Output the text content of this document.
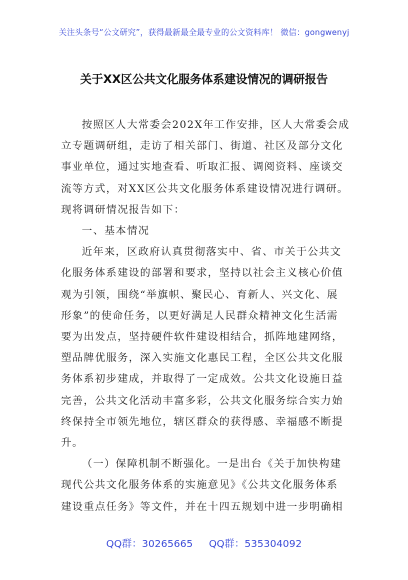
关注头条号“公文研究”，获得最新最全最专业的公文资料库！ 微信：gongwenyj
关于XX区公共文化服务体系建设情况的调研报告

按照区人大常委会202X年工作安排，区人大常委会成
立专题调研组，走访了相关部门、街道、社区及部分文化
事业单位，通过实地查看、听取汇报、调阅资料、座谈交
流等方式，对XX区公共文化服务体系建设情况进行调研。
现将调研情况报告如下：

一、基本情况

近年来，区政府认真贯彻落实中、省、市关于公共文
化服务体系建设的部署和要求，坚持以社会主义核心价值
观为引领，围绕“举旗帜、聚民心、育新人、兴文化、展
形象”的使命任务，以更好满足人民群众精神文化生活需
要为出发点，坚持硬件软件建设相结合，抓阵地建网络，
塑品牌优服务，深入实施文化惠民工程，全区公共文化服
务体系初步建成，并取得了一定成效。公共文化设施日益
完善，公共文化活动丰富多彩，公共文化服务综合实力始
终保持全市领先地位，辖区群众的获得感、幸福感不断提
升。

（一）保障机制不断强化。一是出台《关于加快构建
现代公共文化服务体系的实施意见》《公共文化服务体系
建设重点任务》等文件，并在十四五规划中进一步明确相

QQ群：30265665 QQ群：535304092
